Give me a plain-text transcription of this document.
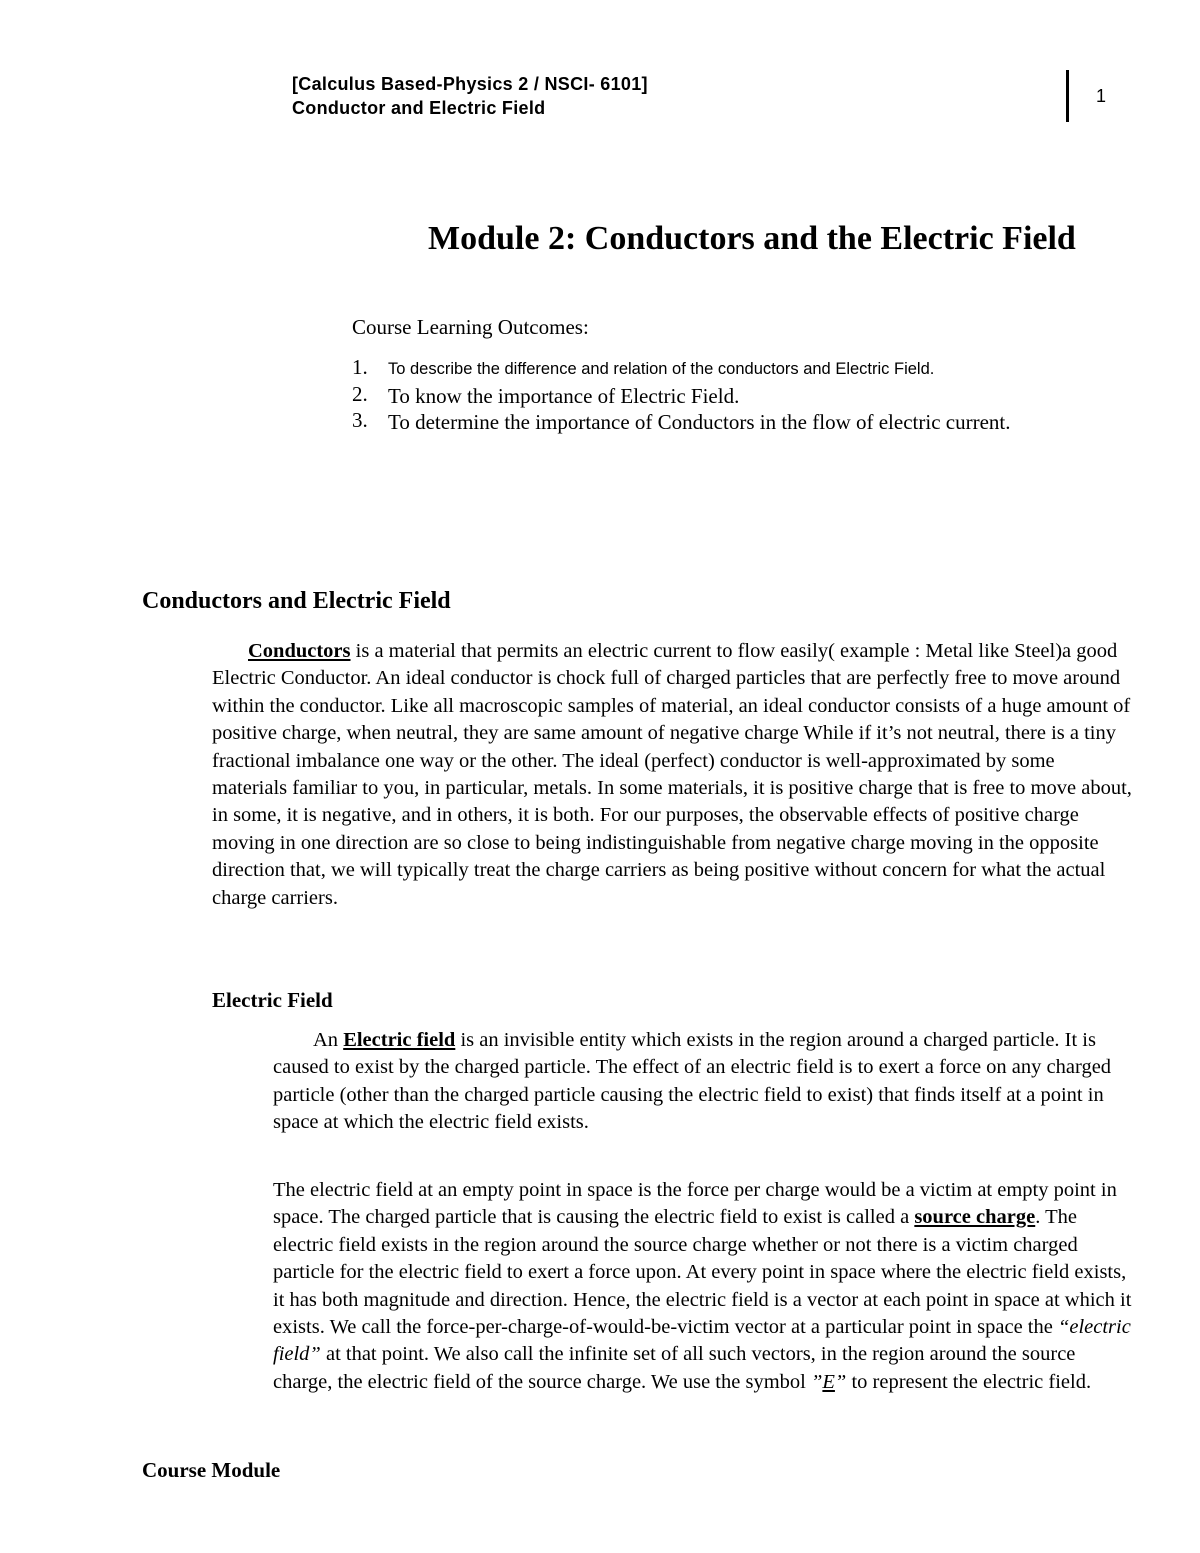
[Calculus Based-Physics 2 / NSCI- 6101]
Conductor and Electric Field
1
Module 2: Conductors and the Electric Field
Course Learning Outcomes:
1.	To describe the difference and relation of the conductors and Electric Field.
2. To know the importance of Electric Field.
3. To determine the importance of Conductors in the flow of electric current.
Conductors and Electric Field
Conductors is a material that permits an electric current to flow easily( example : Metal like Steel)a good Electric Conductor. An ideal conductor is chock full of charged particles that are perfectly free to move around within the conductor. Like all macroscopic samples of material, an ideal conductor consists of a huge amount of positive charge, when neutral, they are same amount of negative charge While if it’s not neutral, there is a tiny fractional imbalance one way or the other. The ideal (perfect) conductor is well-approximated by some materials familiar to you, in particular, metals. In some materials, it is positive charge that is free to move about, in some, it is negative, and in others, it is both. For our purposes, the observable effects of positive charge moving in one direction are so close to being indistinguishable from negative charge moving in the opposite direction that, we will typically treat the charge carriers as being positive without concern for what the actual charge carriers.
Electric Field
An Electric field is an invisible entity which exists in the region around a charged particle. It is caused to exist by the charged particle. The effect of an electric field is to exert a force on any charged particle (other than the charged particle causing the electric field to exist) that finds itself at a point in space at which the electric field exists.
The electric field at an empty point in space is the force per charge would be a victim at empty point in space. The charged particle that is causing the electric field to exist is called a source charge. The electric field exists in the region around the source charge whether or not there is a victim charged particle for the electric field to exert a force upon. At every point in space where the electric field exists, it has both magnitude and direction. Hence, the electric field is a vector at each point in space at which it exists. We call the force-per-charge-of-would-be-victim vector at a particular point in space the “electric field” at that point. We also call the infinite set of all such vectors, in the region around the source charge, the electric field of the source charge. We use the symbol ”E” to represent the electric field.
Course Module
